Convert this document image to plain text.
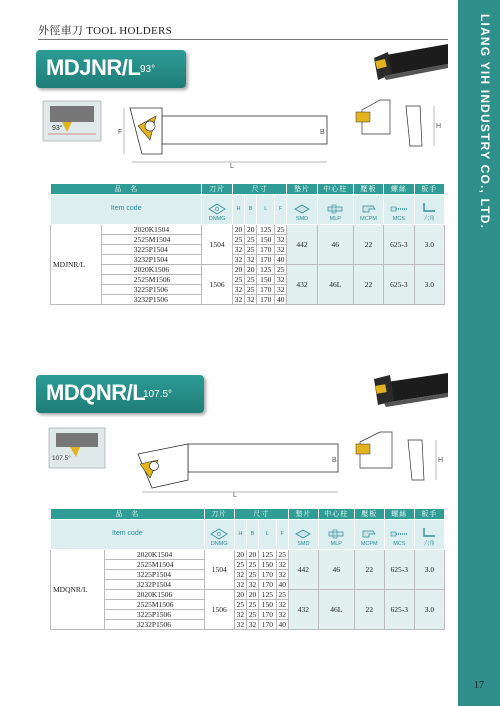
外徑車刀 TOOL HOLDERS	LIANG YIH INDUSTRY CO., LTD.
17
MDJNR/L 93°
93°
L
F	B
H
品　名		刀片	尺寸				墊片	中心柱	壓板	螺絲	板手
Item code		DNMG	H	B	L	F	SMD	MLP	MCPM	MCS	六角
MDJNR/L	2020K1504	1504	20	20	125	25	442	46	22	625-3	3.0
	2525M1504		25	25	150	32					
	3225P1504		32	25	170	32					
	3232P1504		32	32	170	40					
	2020K1506	1506	20	20	125	25	432	46L	22	625-3	3.0
	2525M1506		25	25	150	32					
	3225P1506		32	25	170	32					
	3232P1506		32	32	170	40					
MDQNR/L
107.5°
107.5°
L
B	H
品　名		刀片	尺寸				墊片	中心柱	壓板	螺絲	板手
Item code		DNMG	H	B	L	F	SMD	MLP	MCPM	MCS	六角
MDQNR/L	2020K1504	1504	20	20	125	25	442	46	22	625-3	3.0
	2525M1504		25	25	150	32					
	3225P1504		32	25	170	32					
	3232P1504		32	32	170	40					
	2020K1506	1506	20	20	125	25	432	46L	22	625-3	3.0
	2525M1506		25	25	150	32					
	3225P1506		32	25	170	32					
	3232P1506		32	32	170	40					
